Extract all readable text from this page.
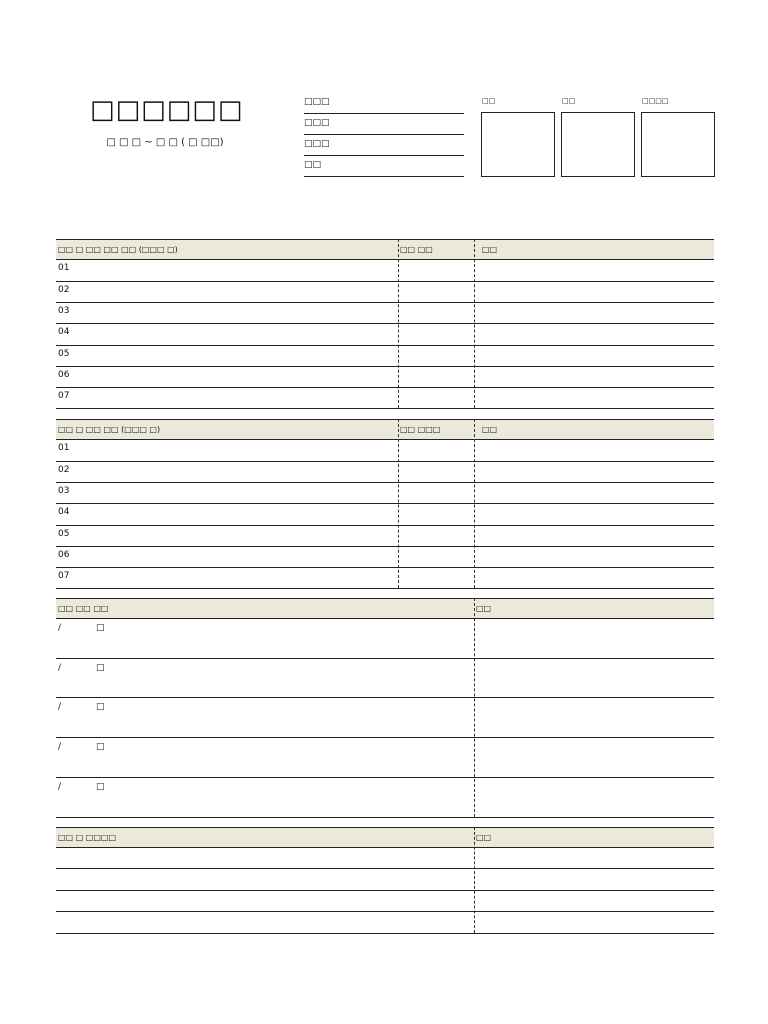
□□□□□□
□ □ □ ~ □ □ ( □ □□)
□□□
□□□
□□□
□□
□□	□□	□□□□
□□ □ □□ □□ □□ (□□□ □)	□□ □□	□□
01
02
03
04
05
06
07
□□ □ □□ □□ (□□□ □)	□□ □□□	□□
01
02
03
04
05
06
07
□□ □□ □□	□□
/	□
/	□
/	□
/	□
/	□
□□ □ □□□□	□□
